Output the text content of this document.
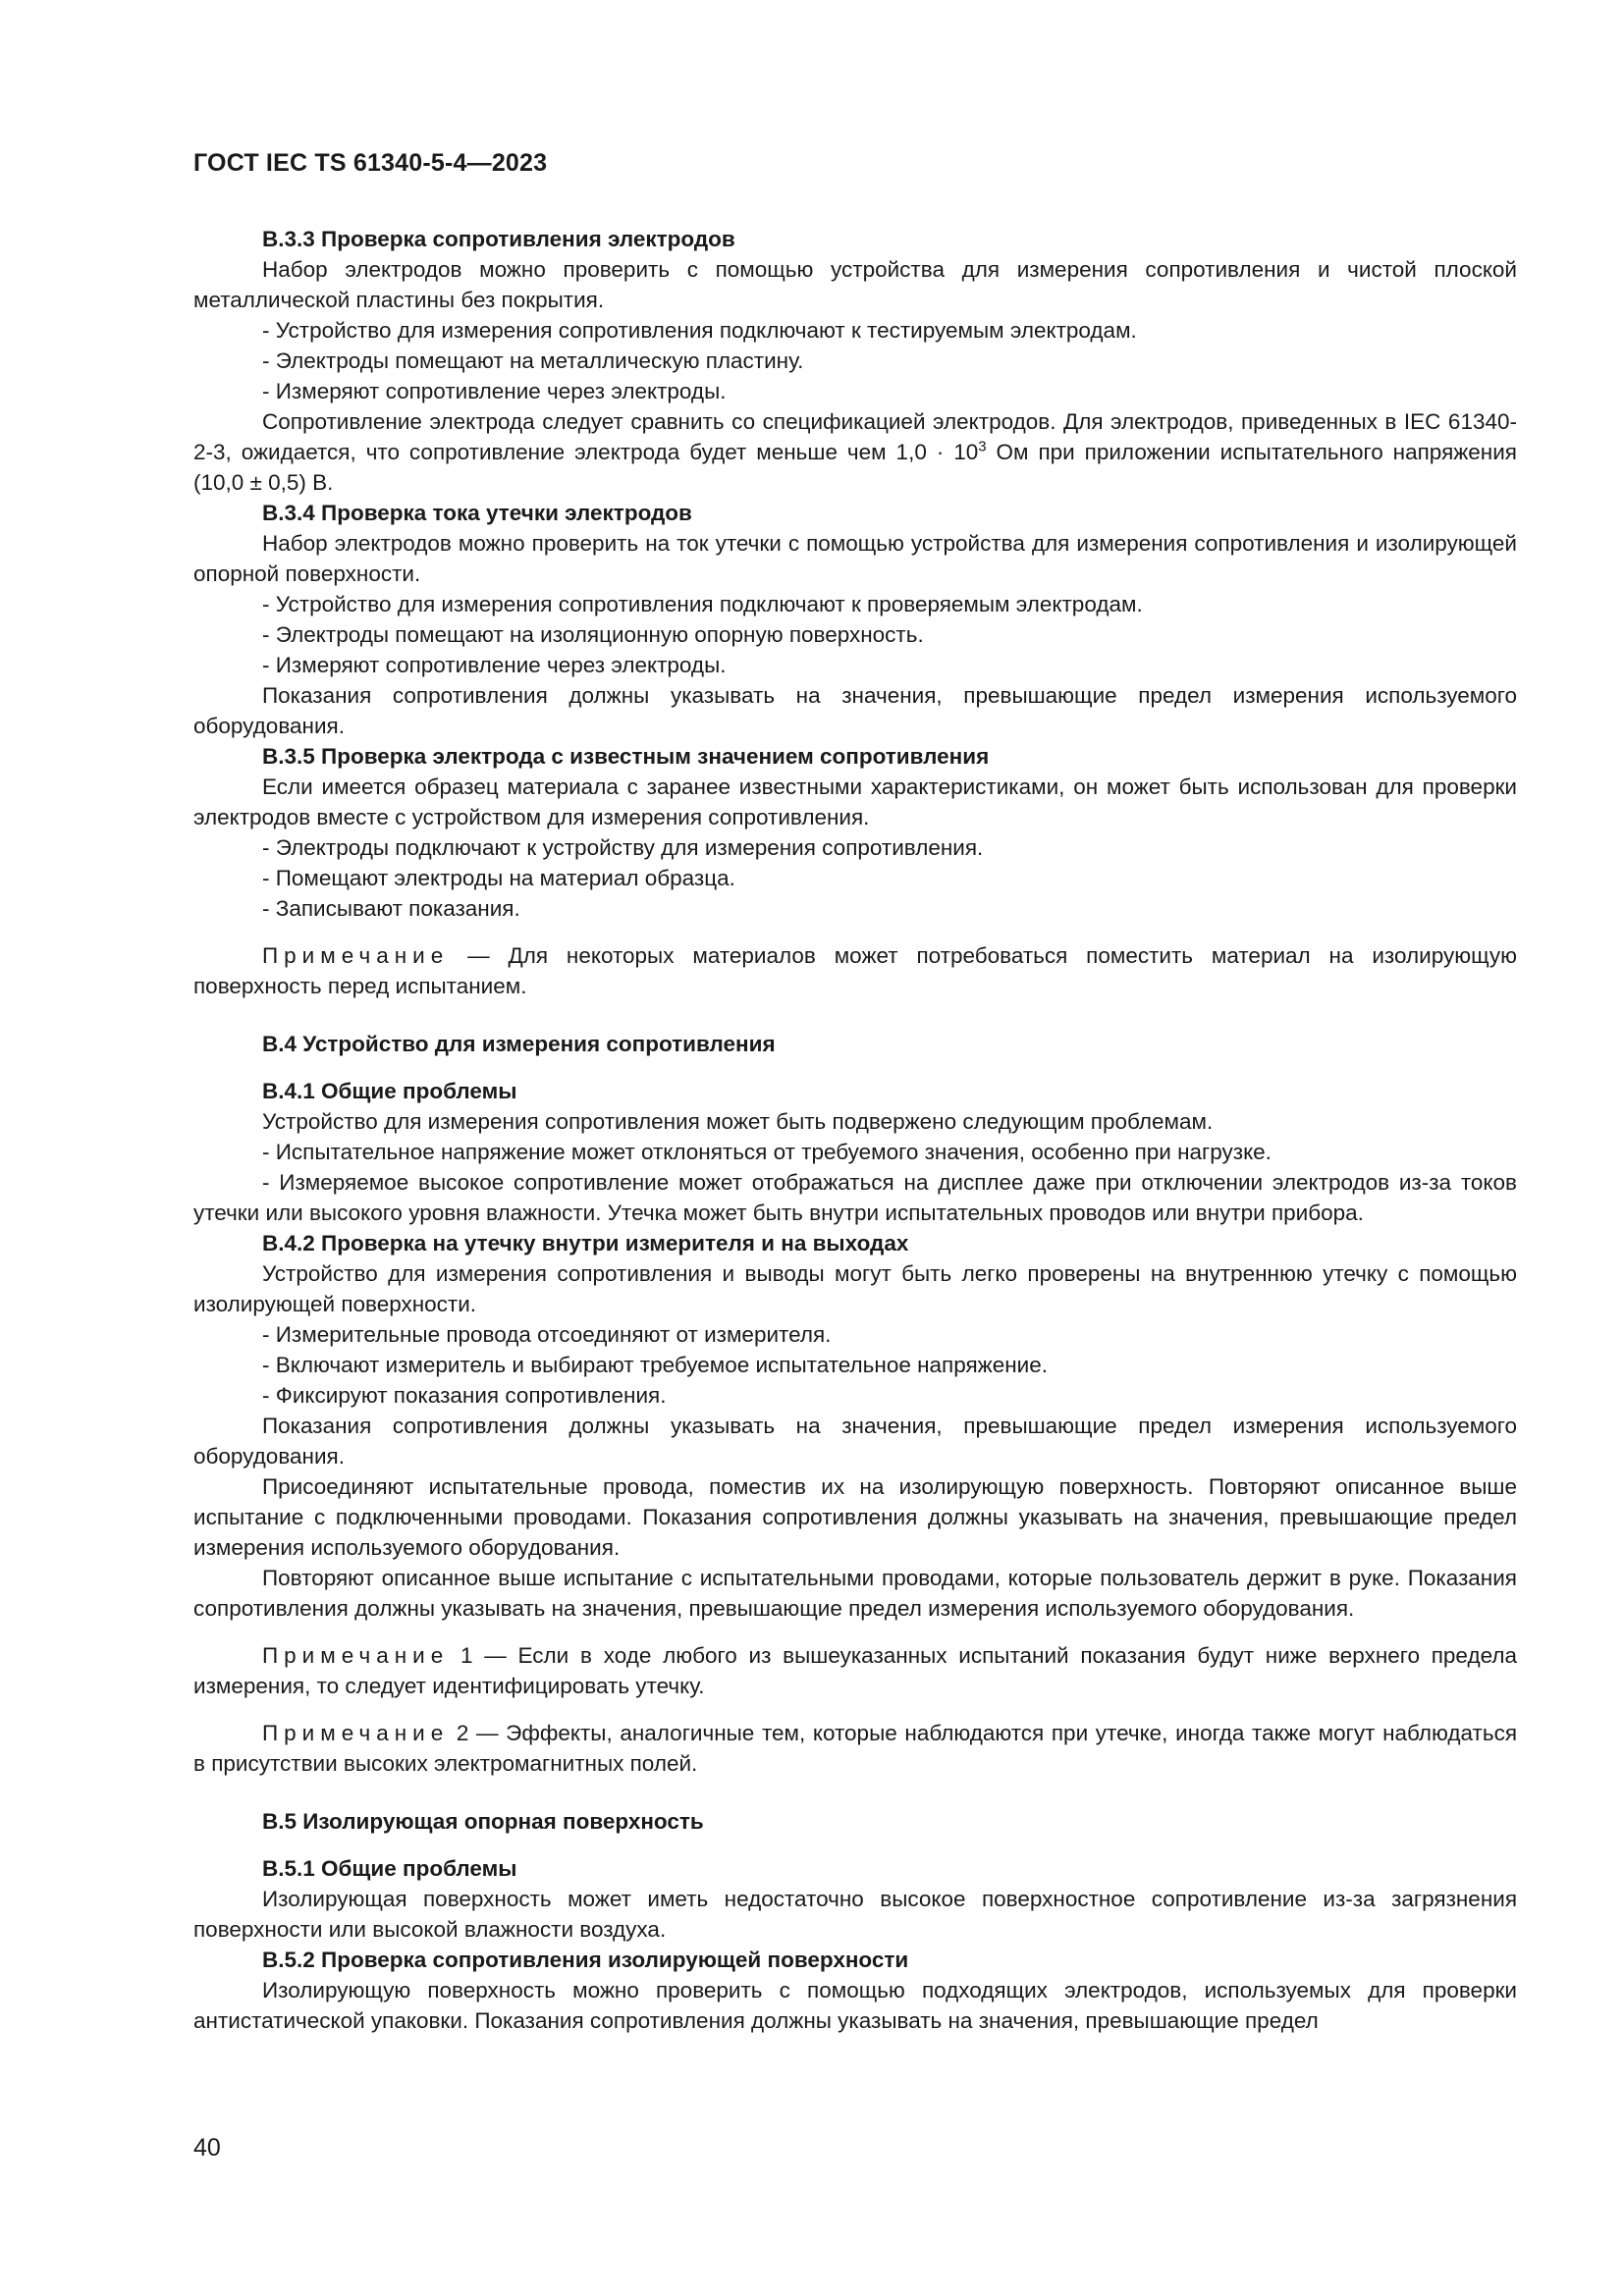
ГОСТ IEC TS 61340-5-4—2023

В.3.3 Проверка сопротивления электродов

Набор электродов можно проверить с помощью устройства для измерения сопротивления и чистой плоской металлической пластины без покрытия.

- Устройство для измерения сопротивления подключают к тестируемым электродам.

- Электроды помещают на металлическую пластину.

- Измеряют сопротивление через электроды.

Сопротивление электрода следует сравнить со спецификацией электродов. Для электродов, приведенных в IEC 61340-2-3, ожидается, что сопротивление электрода будет меньше чем $1,0 \cdot 10^3$ Ом при приложении испытательного напряжения (10,0 ± 0,5) В.

В.3.4 Проверка тока утечки электродов

Набор электродов можно проверить на ток утечки с помощью устройства для измерения сопротивления и изолирующей опорной поверхности.

- Устройство для измерения сопротивления подключают к проверяемым электродам.

- Электроды помещают на изоляционную опорную поверхность.

- Измеряют сопротивление через электроды.

Показания сопротивления должны указывать на значения, превышающие предел измерения используемого оборудования.

В.3.5 Проверка электрода с известным значением сопротивления

Если имеется образец материала с заранее известными характеристиками, он может быть использован для проверки электродов вместе с устройством для измерения сопротивления.

- Электроды подключают к устройству для измерения сопротивления.

- Помещают электроды на материал образца.

- Записывают показания.

Примечание — Для некоторых материалов может потребоваться поместить материал на изолирующую поверхность перед испытанием.

В.4 Устройство для измерения сопротивления

В.4.1 Общие проблемы

Устройство для измерения сопротивления может быть подвержено следующим проблемам.

- Испытательное напряжение может отклоняться от требуемого значения, особенно при нагрузке.

- Измеряемое высокое сопротивление может отображаться на дисплее даже при отключении электродов из-за токов утечки или высокого уровня влажности. Утечка может быть внутри испытательных проводов или внутри прибора.

В.4.2 Проверка на утечку внутри измерителя и на выходах

Устройство для измерения сопротивления и выводы могут быть легко проверены на внутреннюю утечку с помощью изолирующей поверхности.

- Измерительные провода отсоединяют от измерителя.

- Включают измеритель и выбирают требуемое испытательное напряжение.

- Фиксируют показания сопротивления.

Показания сопротивления должны указывать на значения, превышающие предел измерения используемого оборудования.

Присоединяют испытательные провода, поместив их на изолирующую поверхность. Повторяют описанное выше испытание с подключенными проводами. Показания сопротивления должны указывать на значения, превышающие предел измерения используемого оборудования.

Повторяют описанное выше испытание с испытательными проводами, которые пользователь держит в руке. Показания сопротивления должны указывать на значения, превышающие предел измерения используемого оборудования.

Примечание 1 — Если в ходе любого из вышеуказанных испытаний показания будут ниже верхнего предела измерения, то следует идентифицировать утечку.

Примечание 2 — Эффекты, аналогичные тем, которые наблюдаются при утечке, иногда также могут наблюдаться в присутствии высоких электромагнитных полей.

В.5 Изолирующая опорная поверхность

В.5.1 Общие проблемы

Изолирующая поверхность может иметь недостаточно высокое поверхностное сопротивление из-за загрязнения поверхности или высокой влажности воздуха.

В.5.2 Проверка сопротивления изолирующей поверхности

Изолирующую поверхность можно проверить с помощью подходящих электродов, используемых для проверки антистатической упаковки. Показания сопротивления должны указывать на значения, превышающие предел

40
